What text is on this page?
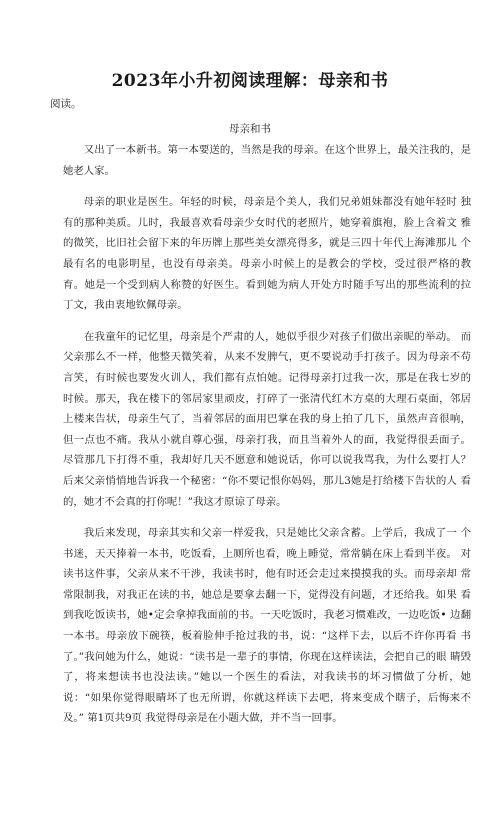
2023年小升初阅读理解：母亲和书
阅读。
母亲和书

又出了一本新书。第一本要送的，当然是我的母亲。在这个世界上，最关注我的，是她老人家。

母亲的职业是医生。年轻的时候，母亲是个美人，我们兄弟姐妹都没有她年轻时 独有的那种美质。儿时，我最喜欢看母亲少女时代的老照片，她穿着旗袍，脸上含着文 雅的微笑，比旧社会留下来的年历牌上那些美女漂亮得多，就是三四十年代上海滩那儿 个最有名的电影明星，也没有母亲美。母亲小时候上的是教会的学校，受过很严格的教 育。她是一个受到病人称赞的好医生。看到她为病人开处方时随手写出的那些流利的拉 丁文，我由衷地钦佩母亲。

在我童年的记忆里，母亲是个严肃的人，她似乎很少对孩子们做出亲昵的举动。 而父亲那么不一样，他整天微笑着，从来不发脾气，更不要说动手打孩子。因为母亲不苟 言笑，有时候也要发火训人，我们都有点怕她。记得母亲打过我一次，那是在我七岁的 时候。那天，我在楼下的邻居家里顽皮，打碎了一张清代红木方桌的大理石桌面，邻居 上楼来告状，母亲生气了，当着邻居的面用巴掌在我的身上拍了几下，虽然声音很响， 但一点也不痛。我从小就自尊心强，母亲打我，而且当着外人的面，我觉得很丢面子。 尽管那几下打得不重，我却好几天不愿意和她说话，你可以说我骂我，为什么要打人？ 后来父亲悄悄地告诉我一个秘密：“你不要记恨你妈妈，那儿3她是打给楼下告状的人 看的，她才不会真的打你呢！”我这才原谅了母亲。

我后来发现，母亲其实和父亲一样爱我，只是她比父亲含蓄。上学后，我成了一 个书迷，天天捧着一本书，吃饭看，上厕所也看，晚上睡觉，常常躺在床上看到半夜。 对读书这件事，父亲从来不干涉，我读书时，他有时还会走过来摸摸我的头。而母亲却 常常限制我，对我正在读的书，她总是要拿去翻一下，觉得没有问题，才还给我。如果 看到我吃饭读书，她•定会拿掉我面前的书。一天吃饭时，我老习惯难改，一边吃饭• 边翻一本书。母亲放下碗筷，板着脸伸手抢过我的书，说：“这样下去，以后不许你再看 书了。”我问她为什么，她说：“读书是一辈子的事情，你现在这样读法，会把自己的眼 睛毁了，将来想读书也没法读。”她以一个医生的看法，对我读书的坏习惯做了分析，她 说：“如果你觉得眼睛坏了也无所谓，你就这样读下去吧，将来变成个瞎子，后悔来不及。” 第1页共9页 我觉得母亲是在小题大做，并不当一回事。
